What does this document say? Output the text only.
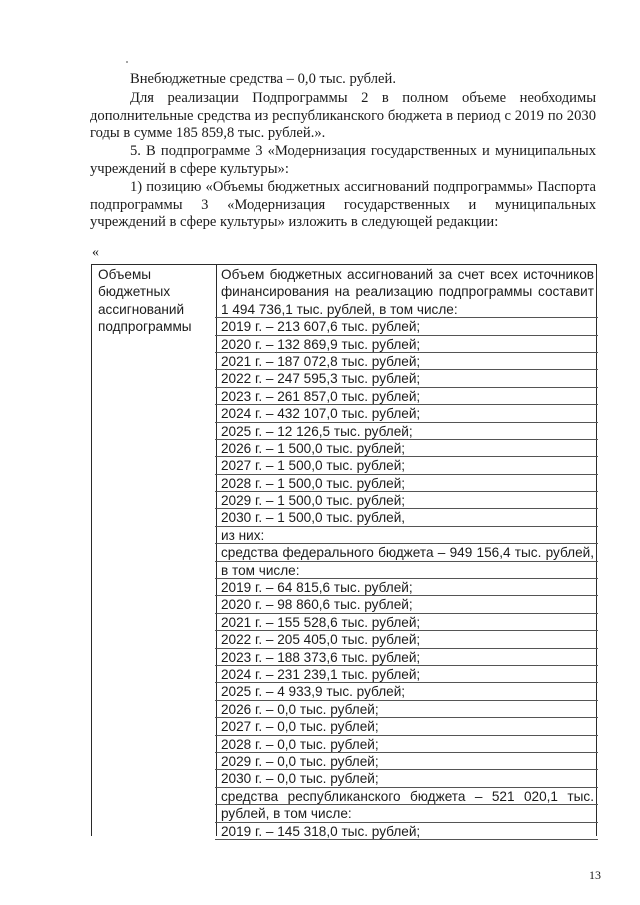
Внебюджетные средства – 0,0 тыс. рублей.

Для реализации Подпрограммы 2 в полном объеме необходимы дополнительные средства из республиканского бюджета в период с 2019 по 2030 годы в сумме 185 859,8 тыс. рублей.».

5. В подпрограмме 3 «Модернизация государственных и муниципальных учреждений в сфере культуры»:

1) позицию «Объемы бюджетных ассигнований подпрограммы» Паспорта подпрограммы 3 «Модернизация государственных и муниципальных учреждений в сфере культуры» изложить в следующей редакции:

«
Объемы
бюджетных
ассигнований
подпрограммы
Объем бюджетных ассигнований за счет всех источников
финансирования на реализацию подпрограммы составит
1 494 736,1 тыс. рублей, в том числе:
2019 г. – 213 607,6 тыс. рублей;
2020 г. – 132 869,9 тыс. рублей;
2021 г. – 187 072,8 тыс. рублей;
2022 г. – 247 595,3 тыс. рублей;
2023 г. – 261 857,0 тыс. рублей;
2024 г. – 432 107,0 тыс. рублей;
2025 г. – 12 126,5 тыс. рублей;
2026 г. – 1 500,0 тыс. рублей;
2027 г. – 1 500,0 тыс. рублей;
2028 г. – 1 500,0 тыс. рублей;
2029 г. – 1 500,0 тыс. рублей;
2030 г. – 1 500,0 тыс. рублей,
из них:
средства федерального бюджета – 949 156,4 тыс. рублей,
в том числе:
2019 г. – 64 815,6 тыс. рублей;
2020 г. – 98 860,6 тыс. рублей;
2021 г. – 155 528,6 тыс. рублей;
2022 г. – 205 405,0 тыс. рублей;
2023 г. – 188 373,6 тыс. рублей;
2024 г. – 231 239,1 тыс. рублей;
2025 г. – 4 933,9 тыс. рублей;
2026 г. – 0,0 тыс. рублей;
2027 г. – 0,0 тыс. рублей;
2028 г. – 0,0 тыс. рублей;
2029 г. – 0,0 тыс. рублей;
2030 г. – 0,0 тыс. рублей;
средства республиканского бюджета – 521 020,1 тыс.
рублей, в том числе:
2019 г. – 145 318,0 тыс. рублей;
13
